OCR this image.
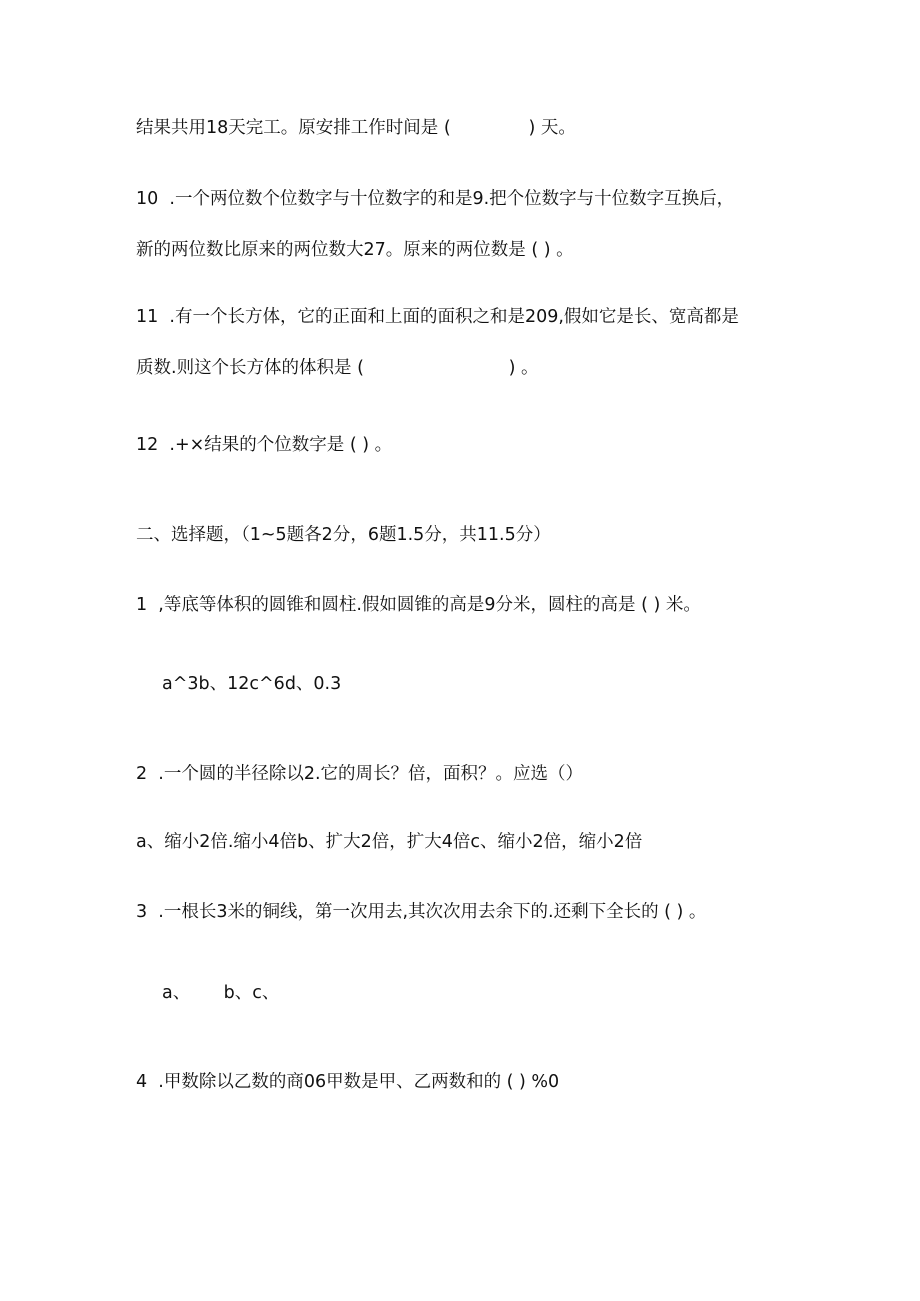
结果共用18天完工。原安排工作时间是 (              ) 天。

10  .一个两位数个位数字与十位数字的和是9.把个位数字与十位数字互换后，

新的两位数比原来的两位数大27。原来的两位数是 ( ) 。

11  .有一个长方体，它的正面和上面的面积之和是209,假如它是长、宽高都是

质数.则这个长方体的体积是 (                          ) 。

12  .+×结果的个位数字是 ( ) 。

二、选择题，（1~5题各2分，6题1.5分，共11.5分）

1  ,等底等体积的圆锥和圆柱.假如圆锥的高是9分米，圆柱的高是 ( ) 米。

a^3b、12c^6d、0.3

2  .一个圆的半径除以2.它的周长？倍，面积？。应选（）

a、缩小2倍.缩小4倍b、扩大2倍，扩大4倍c、缩小2倍，缩小2倍

3  .一根长3米的铜线，第一次用去,其次次用去余下的.还剩下全长的 ( ) 。

a、      b、c、

4  .甲数除以乙数的商06甲数是甲、乙两数和的 ( ) %0
